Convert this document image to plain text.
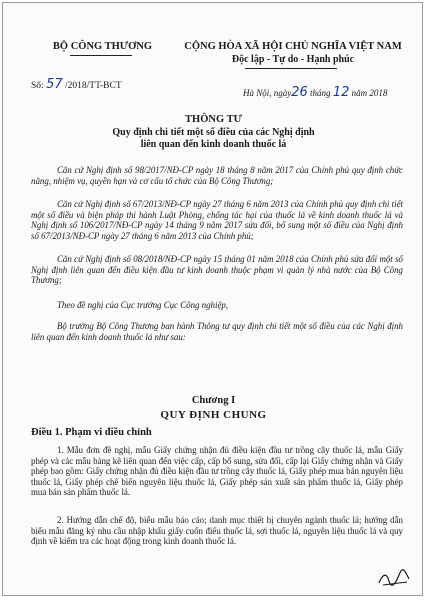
BỘ CÔNG THƯƠNG	CỘNG HÒA XÃ HỘI CHỦ NGHĨA VIỆT NAM
Độc lập - Tự do - Hạnh phúc
Số: 57 /2018/TT-BCT
Hà Nội, ngày26 tháng 12 năm 2018
THÔNG TƯ
Quy định chi tiết một số điều của các Nghị định
liên quan đến kinh doanh thuốc lá
Căn cứ Nghị định số 98/2017/NĐ-CP ngày 18 tháng 8 năm 2017 của Chính phủ quy định chức năng, nhiệm vụ, quyền hạn và cơ cấu tổ chức của Bộ Công Thương;
Căn cứ Nghị định số 67/2013/NĐ-CP ngày 27 tháng 6 năm 2013 của Chính phủ quy định chi tiết một số điều và biện pháp thi hành Luật Phòng, chống tác hại của thuốc lá về kinh doanh thuốc lá và Nghị định số 106/2017/NĐ-CP ngày 14 tháng 9 năm 2017 sửa đổi, bổ sung một số điều của Nghị định số 67/2013/NĐ-CP ngày 27 tháng 6 năm 2013 của Chính phủ;
Căn cứ Nghị định số 08/2018/NĐ-CP ngày 15 tháng 01 năm 2018 của Chính phủ sửa đổi một số Nghị định liên quan đến điều kiện đầu tư kinh doanh thuộc phạm vi quản lý nhà nước của Bộ Công Thương;
Theo đề nghị của Cục trưởng Cục Công nghiệp,
Bộ trưởng Bộ Công Thương ban hành Thông tư quy định chi tiết một số điều của các Nghị định liên quan đến kinh doanh thuốc lá như sau:
Chương I
QUY ĐỊNH CHUNG
Điều 1. Phạm vi điều chỉnh
1. Mẫu đơn đề nghị, mẫu Giấy chứng nhận đủ điều kiện đầu tư trồng cây thuốc lá, mẫu Giấy phép và các mẫu bảng kê liên quan đến việc cấp, cấp bổ sung, sửa đổi, cấp lại Giấy chứng nhận và Giấy phép bao gồm: Giấy chứng nhận đủ điều kiện đầu tư trồng cây thuốc lá, Giấy phép mua bán nguyên liệu thuốc lá, Giấy phép chế biến nguyên liệu thuốc lá, Giấy phép sản xuất sản phẩm thuốc lá, Giấy phép mua bán sản phẩm thuốc lá.
2. Hướng dẫn chế độ, biểu mẫu báo cáo; danh mục thiết bị chuyên ngành thuốc lá; hướng dẫn biểu mẫu đăng ký nhu cầu nhập khẩu giấy cuốn điếu thuốc lá, sợi thuốc lá, nguyên liệu thuốc lá và quy định về kiểm tra các hoạt động trong kinh doanh thuốc lá.
